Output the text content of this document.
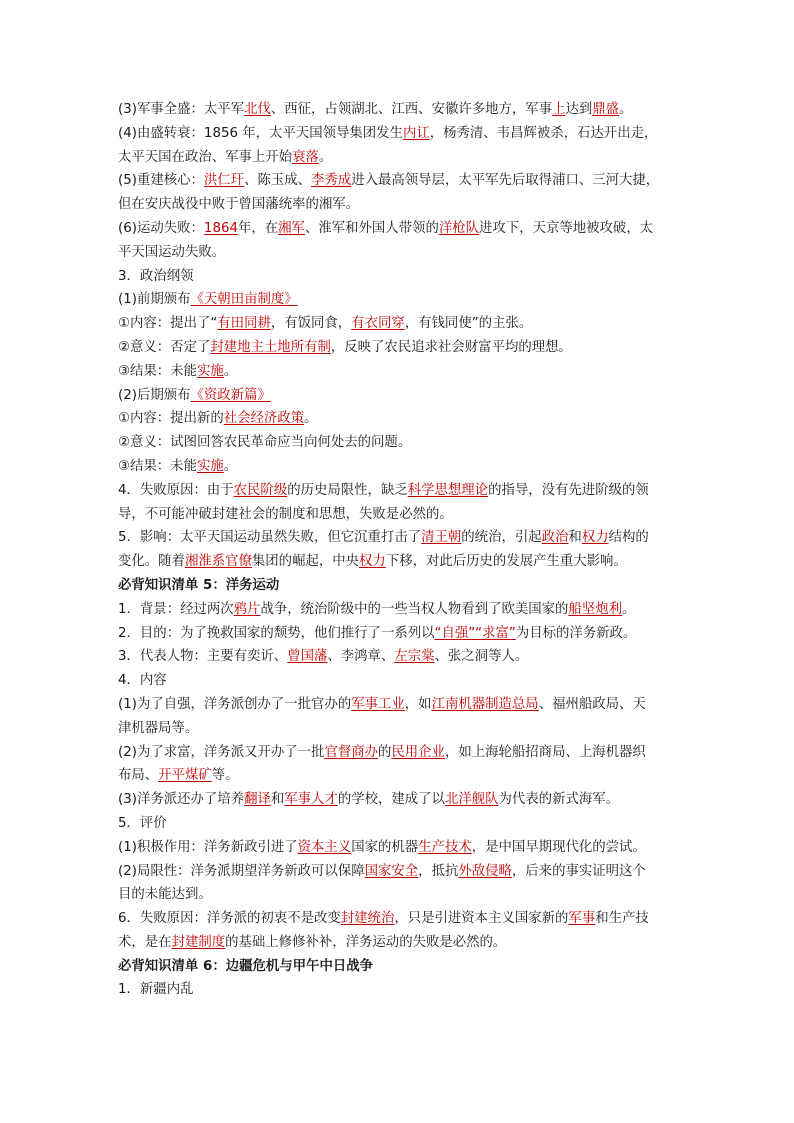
(3)军事全盛：太平军北伐、西征，占领湖北、江西、安徽许多地方，军事上达到鼎盛。
(4)由盛转衰：1856 年，太平天国领导集团发生内讧，杨秀清、韦昌辉被杀，石达开出走，
太平天国在政治、军事上开始衰落。
(5)重建核心：洪仁玕、陈玉成、李秀成进入最高领导层，太平军先后取得浦口、三河大捷，
但在安庆战役中败于曾国藩统率的湘军。
(6)运动失败：1864年，在湘军、淮军和外国人带领的洋枪队进攻下，天京等地被攻破，太
平天国运动失败。
3．政治纲领
(1)前期颁布《天朝田亩制度》
①内容：提出了“有田同耕，有饭同食，有衣同穿，有钱同使”的主张。
②意义：否定了封建地主土地所有制，反映了农民追求社会财富平均的理想。
③结果：未能实施。
(2)后期颁布《资政新篇》
①内容：提出新的社会经济政策。
②意义：试图回答农民革命应当向何处去的问题。
③结果：未能实施。
4．失败原因：由于农民阶级的历史局限性，缺乏科学思想理论的指导，没有先进阶级的领
导，不可能冲破封建社会的制度和思想，失败是必然的。
5．影响：太平天国运动虽然失败，但它沉重打击了清王朝的统治，引起政治和权力结构的
变化。随着湘淮系官僚集团的崛起，中央权力下移，对此后历史的发展产生重大影响。
必背知识清单 5：洋务运动
1．背景：经过两次鸦片战争，统治阶级中的一些当权人物看到了欧美国家的船坚炮利。
2．目的：为了挽救国家的颓势，他们推行了一系列以“自强”“求富”为目标的洋务新政。
3．代表人物：主要有奕䜣、曾国藩、李鸿章、左宗棠、张之洞等人。
4．内容
(1)为了自强，洋务派创办了一批官办的军事工业，如江南机器制造总局、福州船政局、天
津机器局等。
(2)为了求富，洋务派又开办了一批官督商办的民用企业，如上海轮船招商局、上海机器织
布局、开平煤矿等。
(3)洋务派还办了培养翻译和军事人才的学校，建成了以北洋舰队为代表的新式海军。
5．评价
(1)积极作用：洋务新政引进了资本主义国家的机器生产技术，是中国早期现代化的尝试。
(2)局限性：洋务派期望洋务新政可以保障国家安全，抵抗外敌侵略，后来的事实证明这个
目的未能达到。
6．失败原因：洋务派的初衷不是改变封建统治，只是引进资本主义国家新的军事和生产技
术，是在封建制度的基础上修修补补，洋务运动的失败是必然的。
必背知识清单 6：边疆危机与甲午中日战争
1．新疆内乱
